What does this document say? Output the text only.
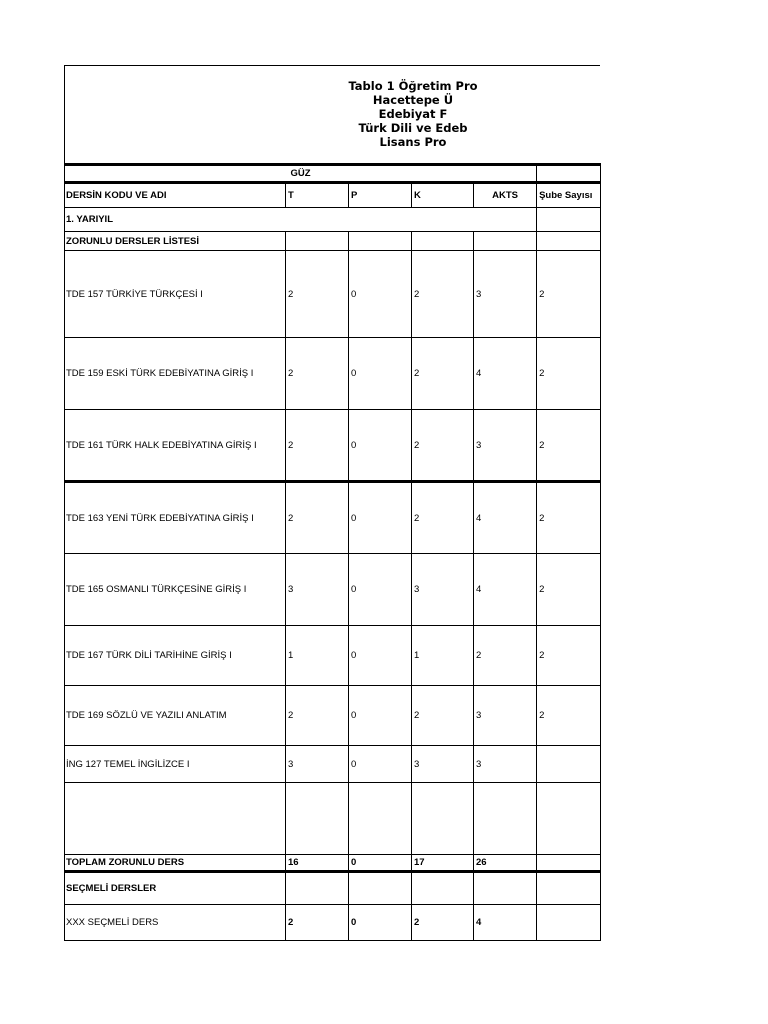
Tablo 1 Öğretim Pro
Hacettepe Ü
Edebiyat F
Türk Dili ve Edeb
Lisans Pro
GÜZ					
DERSİN KODU VE ADI	T	P	K	AKTS	Şube Sayısı
1. YARIYIL					
ZORUNLU DERSLER LİSTESİ					
TDE 157 TÜRKİYE TÜRKÇESİ I	2	0	2	3	2
TDE 159 ESKİ TÜRK EDEBİYATINA GİRİŞ I	2	0	2	4	2
TDE 161 TÜRK HALK EDEBİYATINA GİRİŞ I	2	0	2	3	2
TDE 163 YENİ TÜRK EDEBİYATINA GİRİŞ I	2	0	2	4	2
TDE 165 OSMANLI TÜRKÇESİNE GİRİŞ I	3	0	3	4	2
TDE 167 TÜRK DİLİ TARİHİNE GİRİŞ I	1	0	1	2	2
TDE 169 SÖZLÜ VE YAZILI ANLATIM	2	0	2	3	2
İNG 127 TEMEL İNGİLİZCE I	3	0	3	3	

TOPLAM ZORUNLU DERS	16	0	17	26	
SEÇMELİ DERSLER					
XXX SEÇMELİ DERS	2	0	2	4	
